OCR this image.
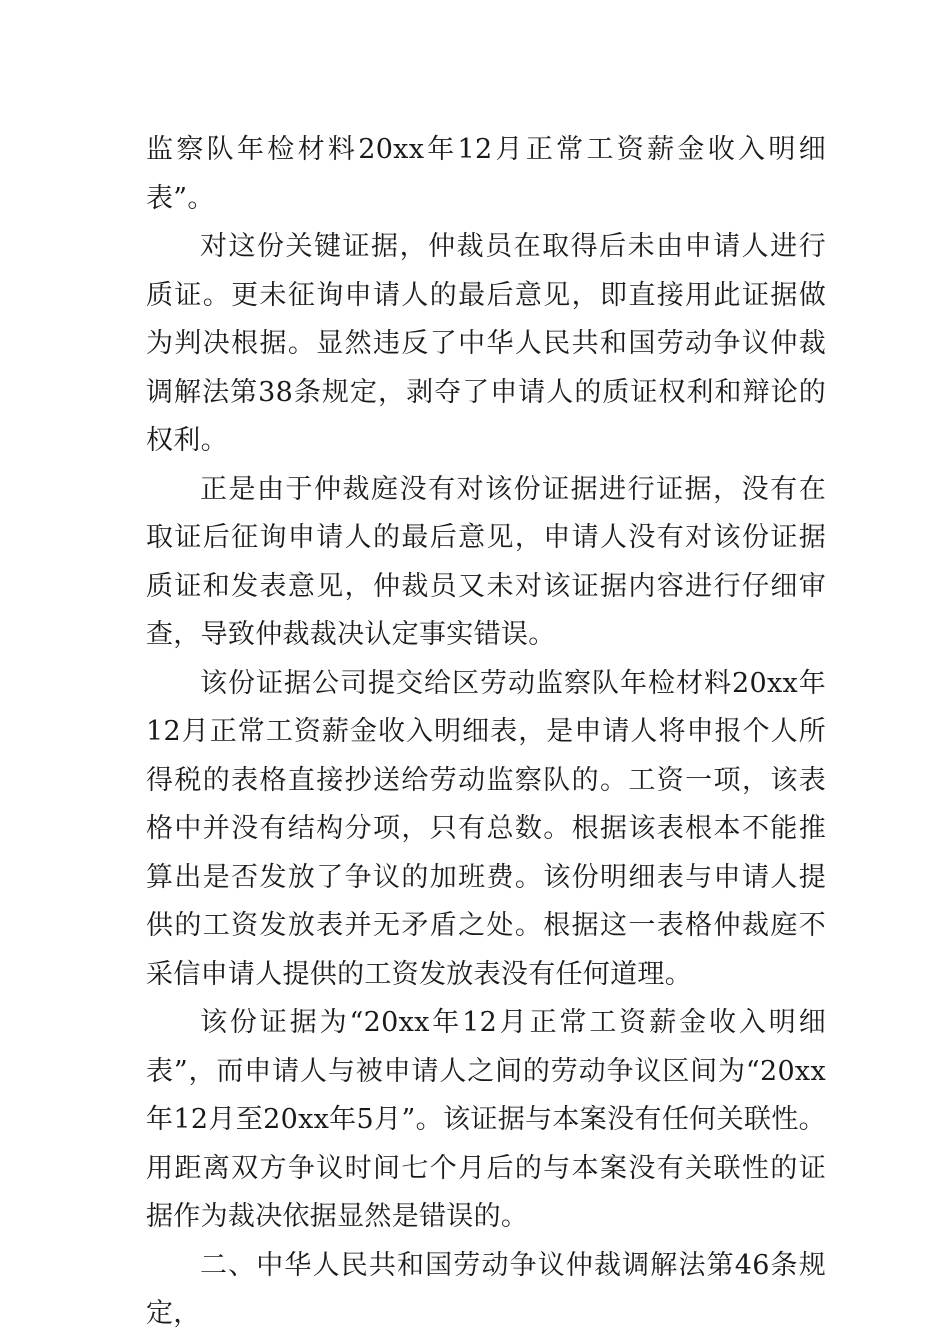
监察队年检材料20xx年12月正常工资薪金收入明细表”。

对这份关键证据，仲裁员在取得后未由申请人进行质证。更未征询申请人的最后意见，即直接用此证据做为判决根据。显然违反了中华人民共和国劳动争议仲裁调解法第38条规定，剥夺了申请人的质证权利和辩论的权利。

正是由于仲裁庭没有对该份证据进行证据，没有在取证后征询申请人的最后意见，申请人没有对该份证据质证和发表意见，仲裁员又未对该证据内容进行仔细审查，导致仲裁裁决认定事实错误。

该份证据公司提交给区劳动监察队年检材料20xx年12月正常工资薪金收入明细表，是申请人将申报个人所得税的表格直接抄送给劳动监察队的。工资一项，该表格中并没有结构分项，只有总数。根据该表根本不能推算出是否发放了争议的加班费。该份明细表与申请人提供的工资发放表并无矛盾之处。根据这一表格仲裁庭不采信申请人提供的工资发放表没有任何道理。

该份证据为“20xx年12月正常工资薪金收入明细表”，而申请人与被申请人之间的劳动争议区间为“20xx年12月至20xx年5月”。该证据与本案没有任何关联性。用距离双方争议时间七个月后的与本案没有关联性的证据作为裁决依据显然是错误的。

二、中华人民共和国劳动争议仲裁调解法第46条规定，
